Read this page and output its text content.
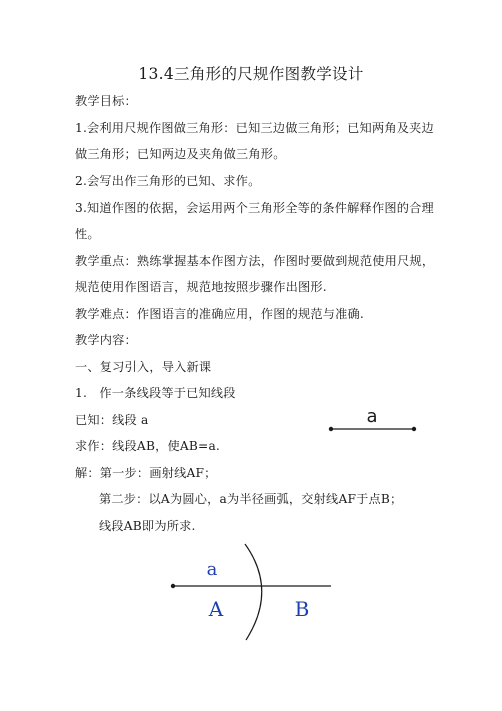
13.4三角形的尺规作图教学设计
教学目标：
1.会利用尺规作图做三角形：已知三边做三角形；已知两角及夹边
做三角形；已知两边及夹角做三角形。
2.会写出作三角形的已知、求作。
3.知道作图的依据，会运用两个三角形全等的条件解释作图的合理
性。
教学重点：熟练掌握基本作图方法，作图时要做到规范使用尺规，
规范使用作图语言，规范地按照步骤作出图形.
教学难点：作图语言的准确应用，作图的规范与准确.
教学内容：
一、复习引入，导入新课
1.　作一条线段等于已知线段
已知：线段 a
求作：线段AB，使AB=a.
解：第一步：画射线AF；
第二步：以A为圆心，a为半径画弧，交射线AF于点B；
线段AB即为所求.
a
a
A	B
